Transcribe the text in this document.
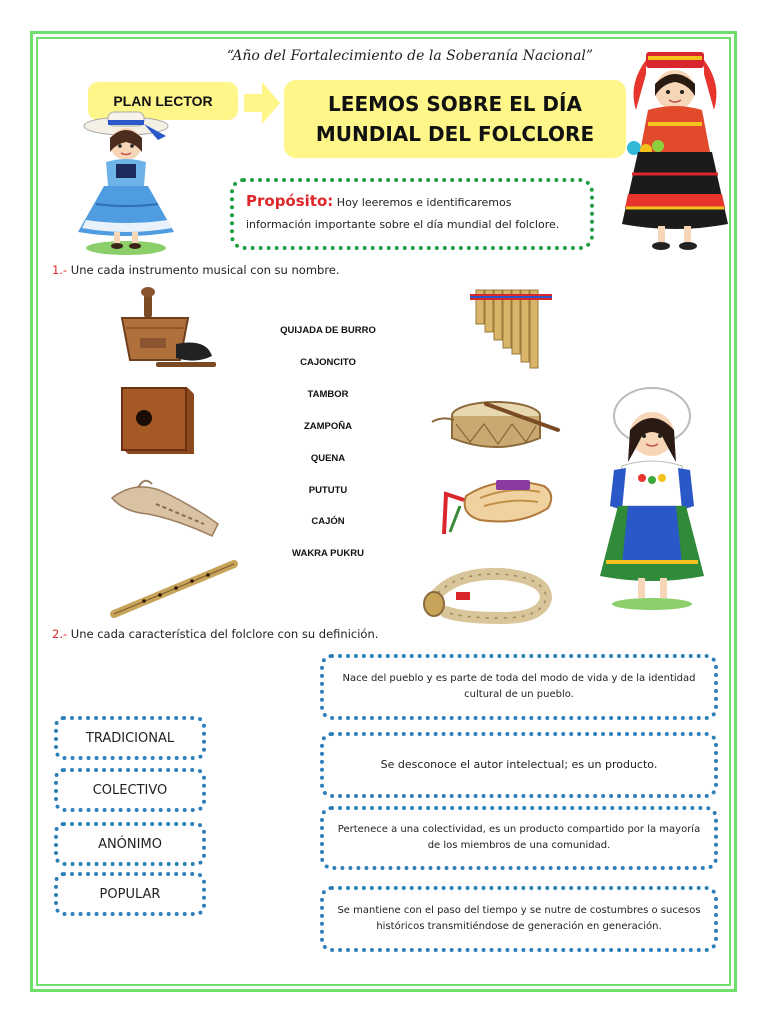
“Año del Fortalecimiento de la Soberanía Nacional”
PLAN LECTOR	LEEMOS SOBRE EL DÍA
MUNDIAL DEL FOLCLORE
Propósito: Hoy leeremos e identificaremos
información importante sobre el día mundial del folclore.
1.- Une cada instrumento musical con su nombre.
QUIJADA DE BURRO
CAJONCITO
TAMBOR
ZAMPOÑA
QUENA
PUTUTU
CAJÓN
WAKRA PUKRU
2.- Une cada característica del folclore con su definición.
TRADICIONAL
COLECTIVO
ANÓNIMO
POPULAR
Nace del pueblo y es parte de toda del modo de vida y de la identidad cultural de un pueblo.
Se desconoce el autor intelectual; es un producto.
Pertenece a una colectividad, es un producto compartido por la mayoría de los miembros de una comunidad.
Se mantiene con el paso del tiempo y se nutre de costumbres o sucesos históricos transmitiéndose de generación en generación.
